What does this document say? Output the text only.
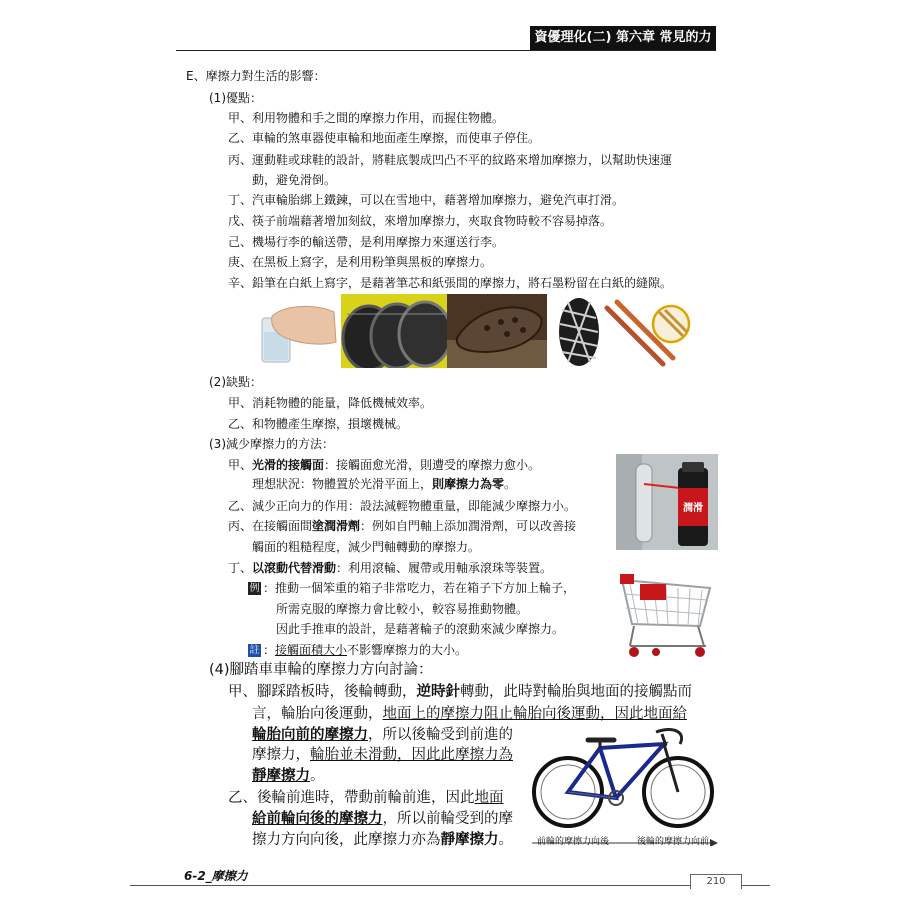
資優理化(二) 第六章 常見的力
E、摩擦力對生活的影響：
(1)優點：
甲、利用物體和手之間的摩擦力作用，而握住物體。
乙、車輪的煞車器使車輪和地面產生摩擦，而使車子停住。
丙、運動鞋或球鞋的設計，將鞋底製成凹凸不平的紋路來增加摩擦力，以幫助快速運
動，避免滑倒。
丁、汽車輪胎綁上鐵鍊，可以在雪地中，藉著增加摩擦力，避免汽車打滑。
戊、筷子前端藉著增加刻紋，來增加摩擦力，夾取食物時較不容易掉落。
己、機場行李的輸送帶，是利用摩擦力來運送行李。
庚、在黑板上寫字，是利用粉筆與黑板的摩擦力。
辛、鉛筆在白紙上寫字，是藉著筆芯和紙張間的摩擦力，將石墨粉留在白紙的縫隙。
(2)缺點：
甲、消耗物體的能量，降低機械效率。
乙、和物體產生摩擦，損壞機械。
(3)減少摩擦力的方法：
甲、光滑的接觸面：接觸面愈光滑，則遭受的摩擦力愈小。
理想狀況：物體置於光滑平面上，則摩擦力為零。
乙、減少正向力的作用：設法減輕物體重量，即能減少摩擦力小。
丙、在接觸面間塗潤滑劑：例如自門軸上添加潤滑劑，可以改善接
觸面的粗糙程度，減少門軸轉動的摩擦力。
潤滑
丁、以滾動代替滑動：利用滾輪、履帶或用軸承滾珠等裝置。
例 ：推動一個笨重的箱子非常吃力，若在箱子下方加上輪子，
所需克服的摩擦力會比較小，較容易推動物體。
因此手推車的設計，是藉著輪子的滾動來減少摩擦力。
註 ：接觸面積大小不影響摩擦力的大小。
(4)腳踏車車輪的摩擦力方向討論：
甲、腳踩踏板時，後輪轉動，逆時針轉動，此時對輪胎與地面的接觸點而
言，輪胎向後運動，地面上的摩擦力阻止輪胎向後運動，因此地面給
輪胎向前的摩擦力，所以後輪受到前進的
摩擦力，輪胎並未滑動，因此此摩擦力為
靜摩擦力。
乙、後輪前進時，帶動前輪前進，因此地面
給前輪向後的摩擦力，所以前輪受到的摩
擦力方向向後，此摩擦力亦為靜摩擦力。	前輪的摩擦力向後	後輪的摩擦力向前
6-2_摩擦力	210
